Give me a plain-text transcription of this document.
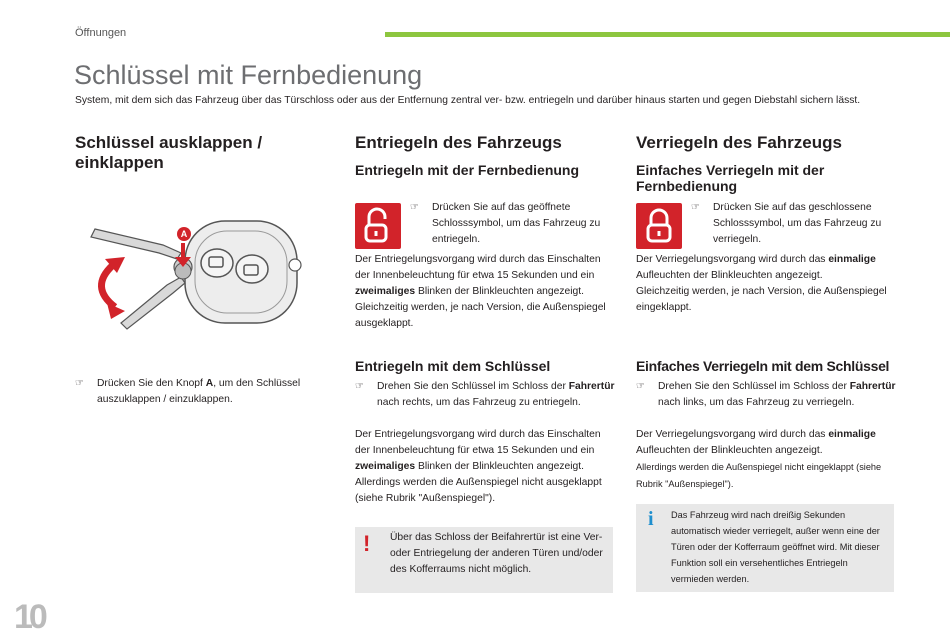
Öffnungen
Schlüssel mit Fernbedienung
System, mit dem sich das Fahrzeug über das Türschloss oder aus der Entfernung zentral ver- bzw. entriegeln und darüber hinaus starten und gegen Diebstahl sichern lässt.
Schlüssel ausklappen / einklappen
A
☞	Drücken Sie den Knopf A, um den Schlüssel auszuklappen / einzuklappen.
Entriegeln des Fahrzeugs
Entriegeln mit der Fernbedienung
☞	Drücken Sie auf das geöffnete Schlosssymbol, um das Fahrzeug zu entriegeln.
Der Entriegelungsvorgang wird durch das Einschalten der Innenbeleuchtung für etwa 15 Sekunden und ein zweimaliges Blinken der Blinkleuchten angezeigt.
Gleichzeitig werden, je nach Version, die Außenspiegel ausgeklappt.
Entriegeln mit dem Schlüssel
☞	Drehen Sie den Schlüssel im Schloss der Fahrertür nach rechts, um das Fahrzeug zu entriegeln.
Der Entriegelungsvorgang wird durch das Einschalten der Innenbeleuchtung für etwa 15 Sekunden und ein zweimaliges Blinken der Blinkleuchten angezeigt.
Allerdings werden die Außenspiegel nicht ausgeklappt (siehe Rubrik "Außenspiegel").
! Über das Schloss der Beifahrertür ist eine Ver- oder Entriegelung der anderen Türen und/oder des Kofferraums nicht möglich.
Verriegeln des Fahrzeugs
Einfaches Verriegeln mit der Fernbedienung
☞	Drücken Sie auf das geschlossene Schlosssymbol, um das Fahrzeug zu verriegeln.
Der Verriegelungsvorgang wird durch das einmalige Aufleuchten der Blinkleuchten angezeigt.
Gleichzeitig werden, je nach Version, die Außenspiegel eingeklappt.
Einfaches Verriegeln mit dem Schlüssel
☞	Drehen Sie den Schlüssel im Schloss der Fahrertür nach links, um das Fahrzeug zu verriegeln.
Der Verriegelungsvorgang wird durch das einmalige Aufleuchten der Blinkleuchten angezeigt.
Allerdings werden die Außenspiegel nicht eingeklappt (siehe Rubrik "Außenspiegel").
i Das Fahrzeug wird nach dreißig Sekunden automatisch wieder verriegelt, außer wenn eine der Türen oder der Kofferraum geöffnet wird. Mit dieser Funktion soll ein versehentliches Entriegeln vermieden werden.
10
